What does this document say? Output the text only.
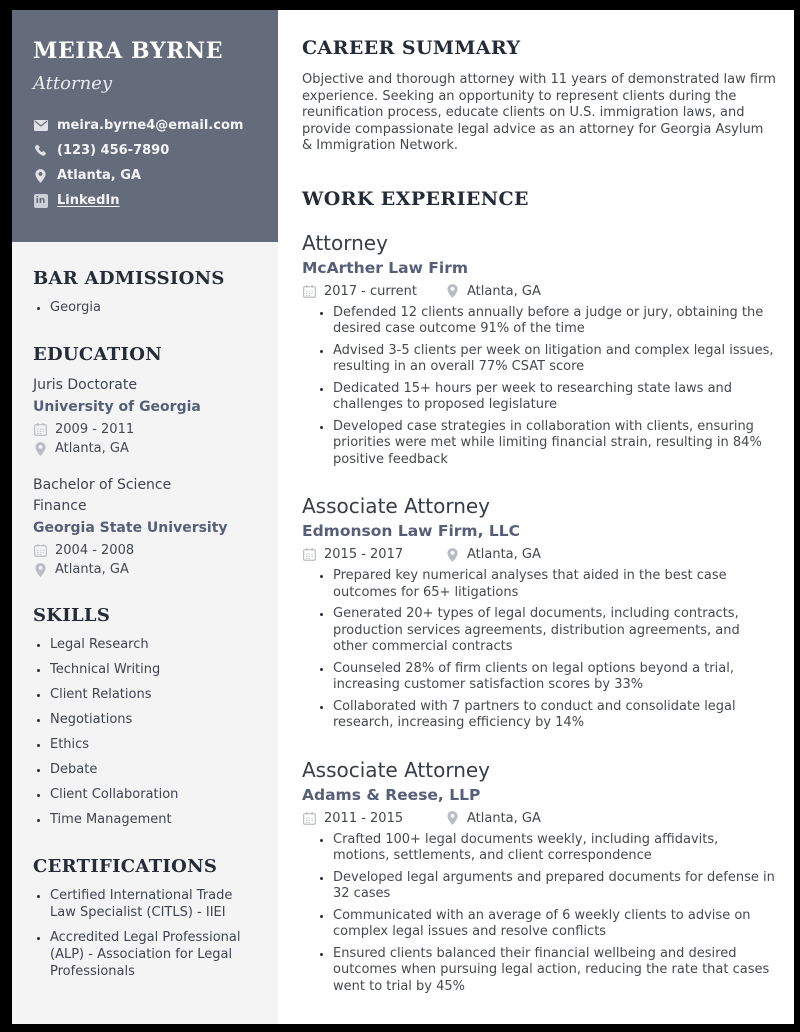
MEIRA BYRNE
Attorney
meira.byrne4@email.com
(123) 456-7890
Atlanta, GA
in LinkedIn
BAR ADMISSIONS
• Georgia
EDUCATION
Juris Doctorate
University of Georgia
2009 - 2011
Atlanta, GA
Bachelor of Science
Finance
Georgia State University
2004 - 2008
Atlanta, GA
SKILLS
• Legal Research
• Technical Writing
• Client Relations
• Negotiations
• Ethics
• Debate
• Client Collaboration
• Time Management
CERTIFICATIONS
• Certified International Trade Law Specialist (CITLS) - IIEI
• Accredited Legal Professional (ALP) - Association for Legal Professionals
CAREER SUMMARY

Objective and thorough attorney with 11 years of demonstrated law firm experience. Seeking an opportunity to represent clients during the reunification process, educate clients on U.S. immigration laws, and provide compassionate legal advice as an attorney for Georgia Asylum & Immigration Network.

WORK EXPERIENCE
Attorney
McArther Law Firm
2017 - current	Atlanta, GA
• Defended 12 clients annually before a judge or jury, obtaining the desired case outcome 91% of the time
• Advised 3-5 clients per week on litigation and complex legal issues, resulting in an overall 77% CSAT score
• Dedicated 15+ hours per week to researching state laws and challenges to proposed legislature
• Developed case strategies in collaboration with clients, ensuring priorities were met while limiting financial strain, resulting in 84% positive feedback
Associate Attorney
Edmonson Law Firm, LLC
2015 - 2017	Atlanta, GA
• Prepared key numerical analyses that aided in the best case outcomes for 65+ litigations
• Generated 20+ types of legal documents, including contracts, production services agreements, distribution agreements, and other commercial contracts
• Counseled 28% of firm clients on legal options beyond a trial, increasing customer satisfaction scores by 33%
• Collaborated with 7 partners to conduct and consolidate legal research, increasing efficiency by 14%
Associate Attorney
Adams & Reese, LLP
2011 - 2015	Atlanta, GA
• Crafted 100+ legal documents weekly, including affidavits, motions, settlements, and client correspondence
• Developed legal arguments and prepared documents for defense in 32 cases
• Communicated with an average of 6 weekly clients to advise on complex legal issues and resolve conflicts
• Ensured clients balanced their financial wellbeing and desired outcomes when pursuing legal action, reducing the rate that cases went to trial by 45%
